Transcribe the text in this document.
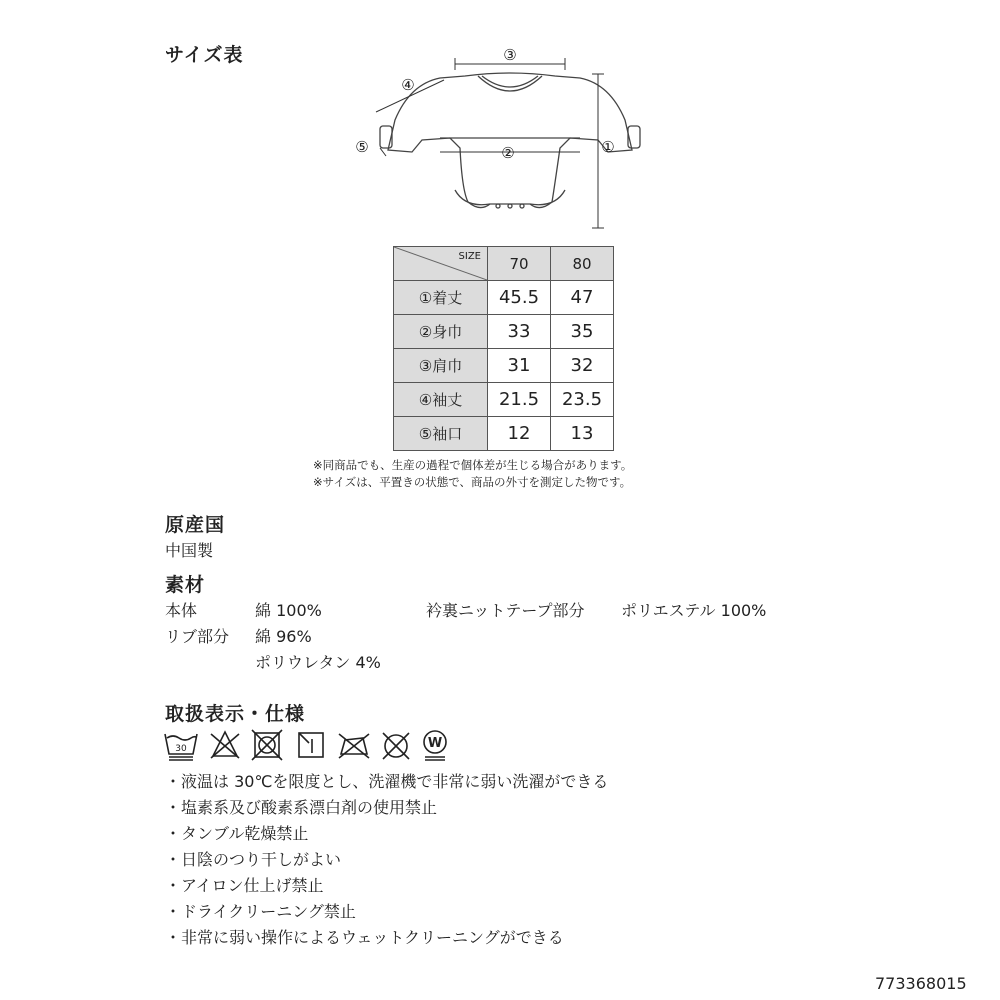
サイズ表	③
④
⑤	②	①
SIZE	70	80
①着丈	45.5	47
②身巾	33	35
③肩巾	31	32
④袖丈	21.5	23.5
⑤袖口	12	13
※同商品でも、生産の過程で個体差が生じる場合があります。
※サイズは、平置きの状態で、商品の外寸を測定した物です。
原産国
中国製
素材
本体	綿 100%	衿裏ニットテープ部分 ポリエステル 100%
リブ部分 綿 96%
ポリウレタン 4%
取扱表示・仕様
30	W
・液温は 30℃を限度とし、洗濯機で非常に弱い洗濯ができる
・塩素系及び酸素系漂白剤の使用禁止
・タンブル乾燥禁止
・日陰のつり干しがよい
・アイロン仕上げ禁止
・ドライクリーニング禁止
・非常に弱い操作によるウェットクリーニングができる
773368015
